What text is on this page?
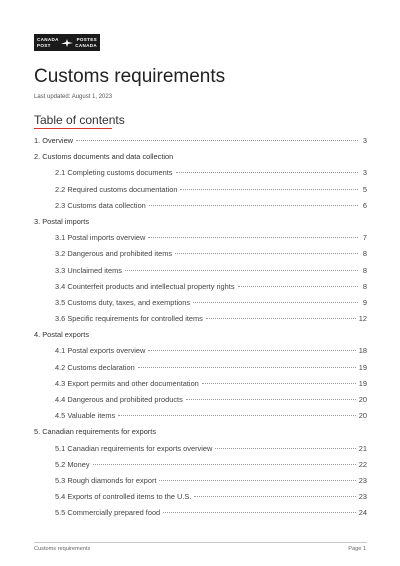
CANADA
POST
POSTES
CANADA
Customs requirements
Last updated: August 1, 2023
Table of contents
1. Overview	3
2. Customs documents and data collection
2.1 Completing customs documents	3
2.2 Required customs documentation	5
2.3 Customs data collection	6
3. Postal imports
3.1 Postal imports overview	7
3.2 Dangerous and prohibited items	8
3.3 Unclaimed items	8
3.4 Counterfeit products and intellectual property rights	8
3.5 Customs duty, taxes, and exemptions	9
3.6 Specific requirements for controlled items	12
4. Postal exports
4.1 Postal exports overview	18
4.2 Customs declaration	19
4.3 Export permits and other documentation	19
4.4 Dangerous and prohibited products	20
4.5 Valuable items	20
5. Canadian requirements for exports
5.1 Canadian requirements for exports overview	21
5.2 Money	22
5.3 Rough diamonds for export	23
5.4 Exports of controlled items to the U.S.	23
5.5 Commercially prepared food	24
Customs requirements	Page 1
